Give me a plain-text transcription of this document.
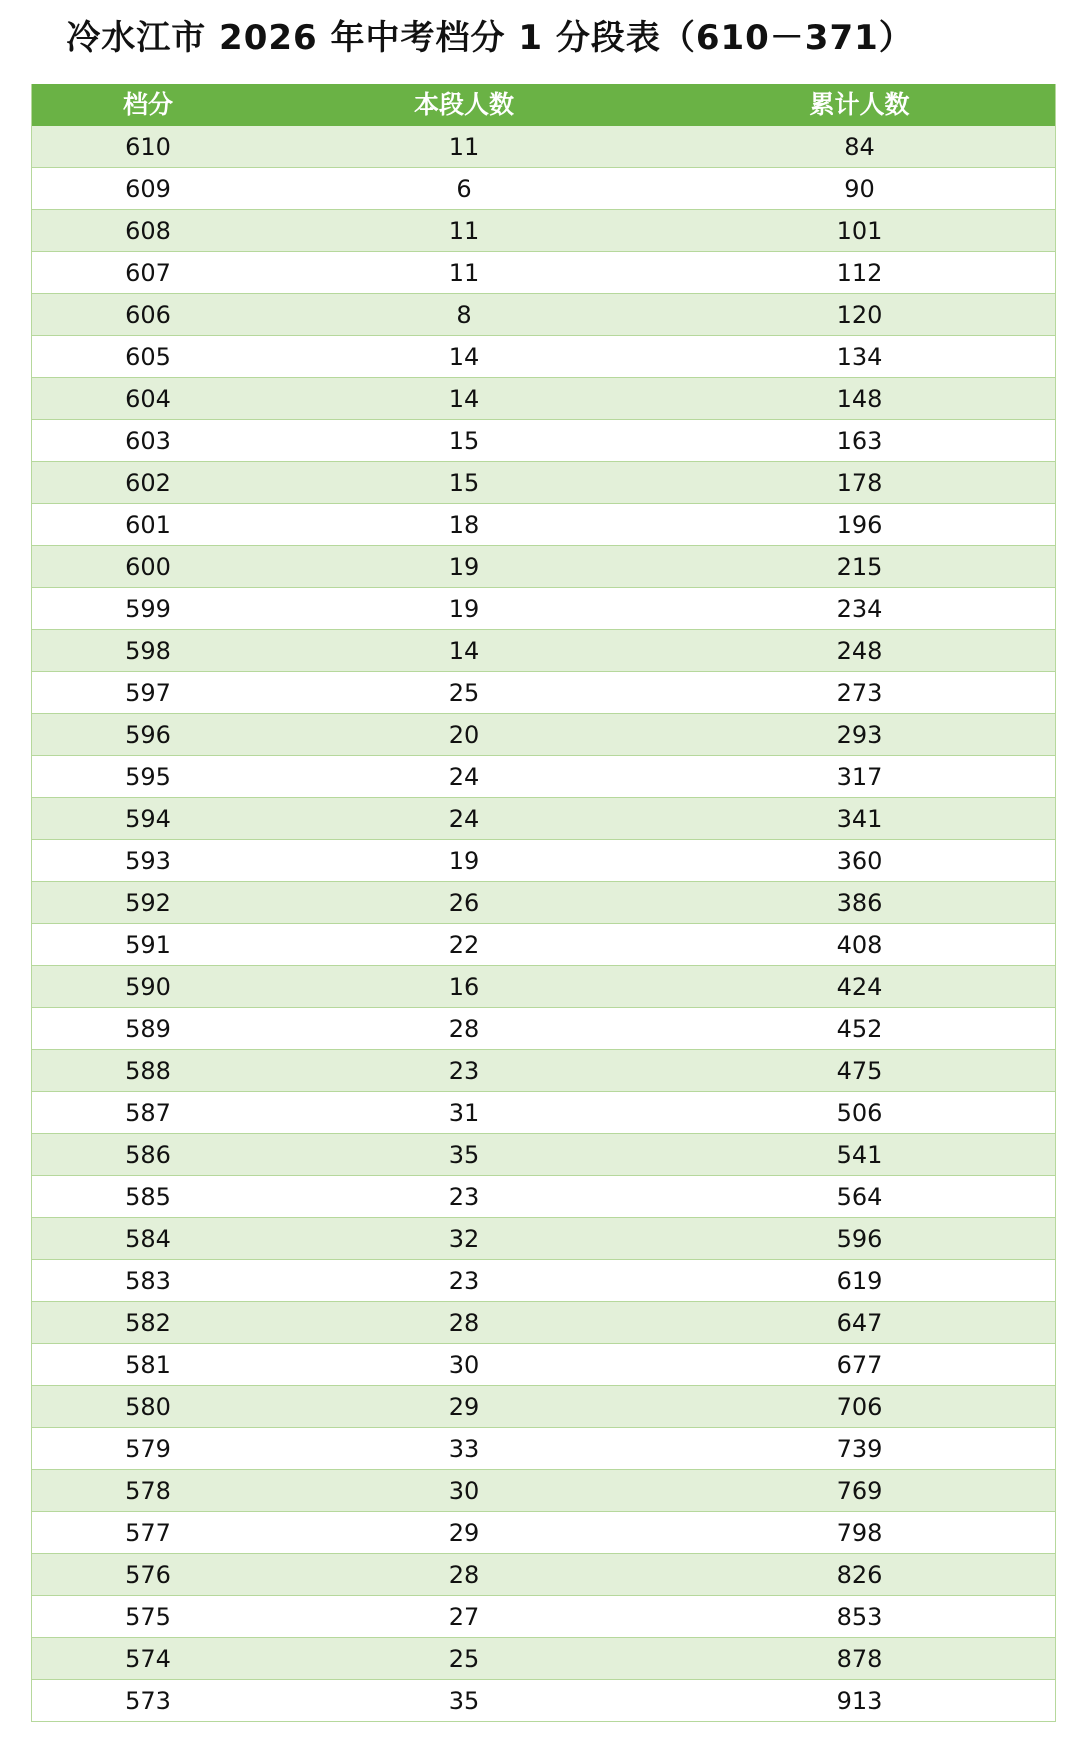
冷水江市 2026 年中考档分 1 分段表（610－371）
档分	本段人数	累计人数
610	11	84
609	6	90
608	11	101
607	11	112
606	8	120
605	14	134
604	14	148
603	15	163
602	15	178
601	18	196
600	19	215
599	19	234
598	14	248
597	25	273
596	20	293
595	24	317
594	24	341
593	19	360
592	26	386
591	22	408
590	16	424
589	28	452
588	23	475
587	31	506
586	35	541
585	23	564
584	32	596
583	23	619
582	28	647
581	30	677
580	29	706
579	33	739
578	30	769
577	29	798
576	28	826
575	27	853
574	25	878
573	35	913
